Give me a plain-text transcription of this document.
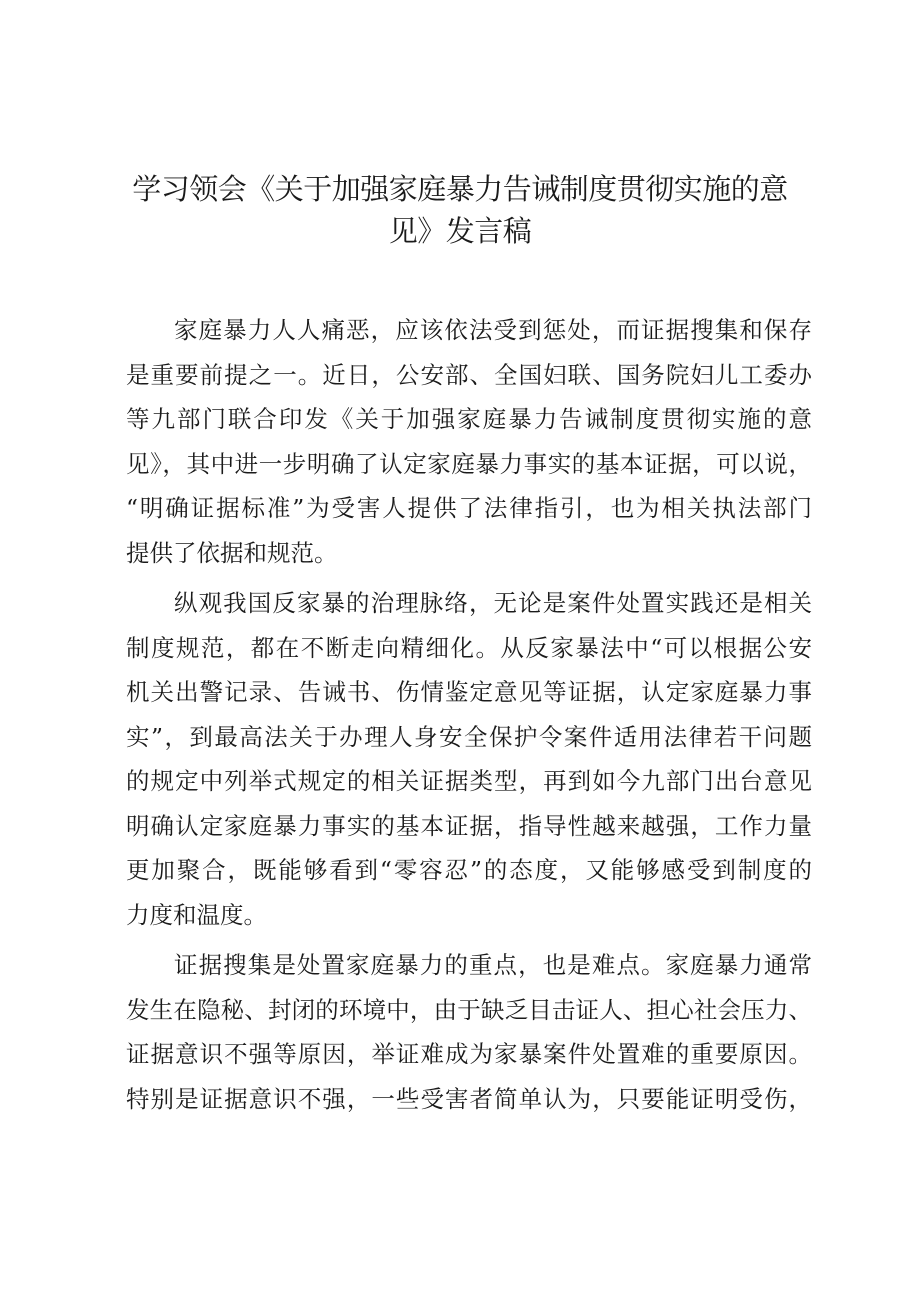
学习领会《关于加强家庭暴力告诫制度贯彻实施的意
见》发言稿
家庭暴力人人痛恶，应该依法受到惩处，而证据搜集和保存
是重要前提之一。近日，公安部、全国妇联、国务院妇儿工委办
等九部门联合印发《关于加强家庭暴力告诫制度贯彻实施的意
见》，其中进一步明确了认定家庭暴力事实的基本证据，可以说，
“明确证据标准”为受害人提供了法律指引，也为相关执法部门
提供了依据和规范。
纵观我国反家暴的治理脉络，无论是案件处置实践还是相关
制度规范，都在不断走向精细化。从反家暴法中“可以根据公安
机关出警记录、告诫书、伤情鉴定意见等证据，认定家庭暴力事
实”，到最高法关于办理人身安全保护令案件适用法律若干问题
的规定中列举式规定的相关证据类型，再到如今九部门出台意见
明确认定家庭暴力事实的基本证据，指导性越来越强，工作力量
更加聚合，既能够看到“零容忍”的态度，又能够感受到制度的
力度和温度。
证据搜集是处置家庭暴力的重点，也是难点。家庭暴力通常
发生在隐秘、封闭的环境中，由于缺乏目击证人、担心社会压力、
证据意识不强等原因，举证难成为家暴案件处置难的重要原因。
特别是证据意识不强，一些受害者简单认为，只要能证明受伤，
